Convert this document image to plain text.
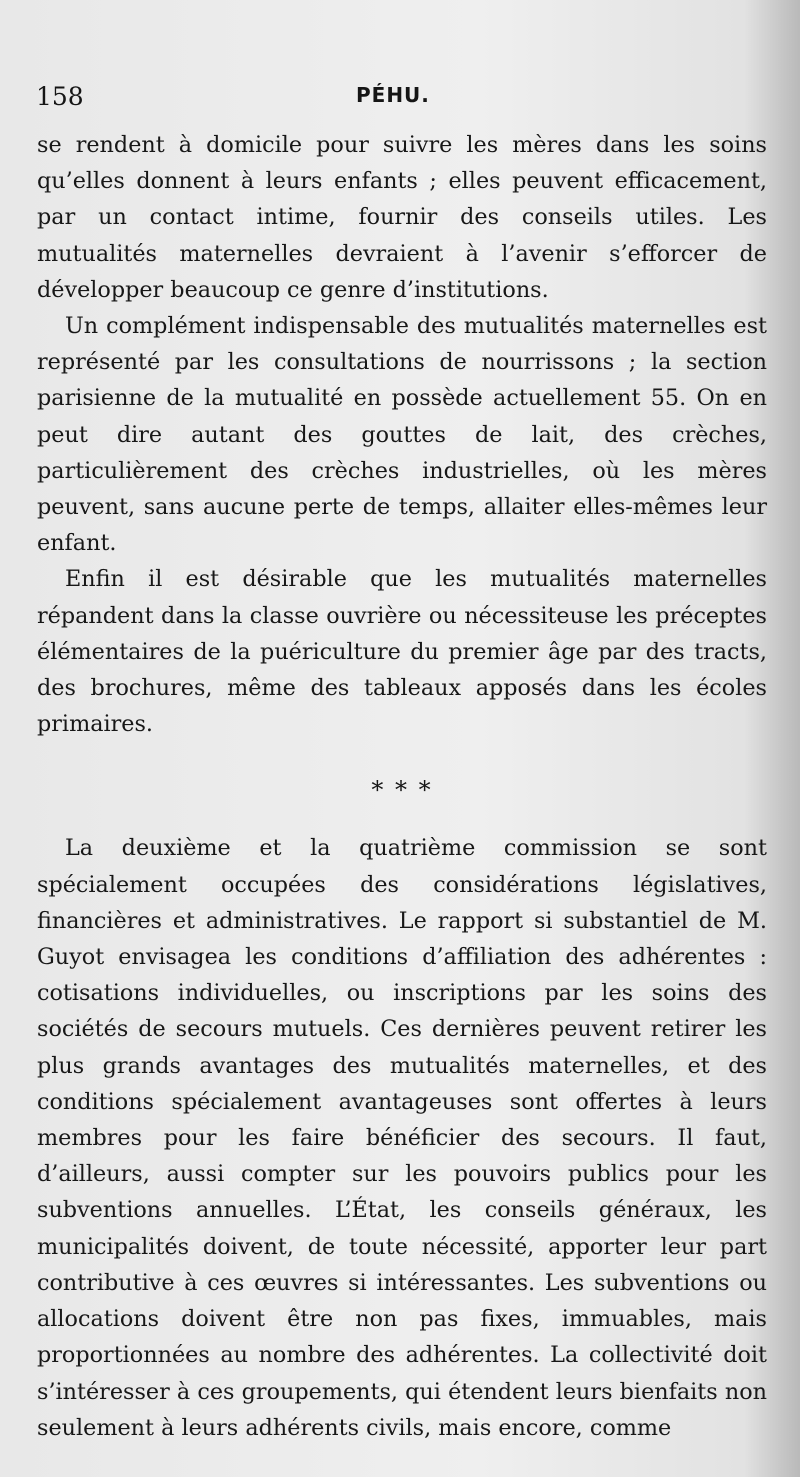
158	PÉHU.

se rendent à domicile pour suivre les mères dans les soins qu’elles donnent à leurs enfants ; elles peuvent efficacement, par un contact intime, fournir des conseils utiles. Les mutualités maternelles devraient à l’avenir s’efforcer de développer beaucoup ce genre d’institutions.

Un complément indispensable des mutualités maternelles est représenté par les consultations de nourrissons ; la section parisienne de la mutualité en possède actuellement 55. On en peut dire autant des gouttes de lait, des crèches, particulièrement des crèches industrielles, où les mères peuvent, sans aucune perte de temps, allaiter elles-mêmes leur enfant.

Enfin il est désirable que les mutualités maternelles répandent dans la classe ouvrière ou nécessiteuse les préceptes élémentaires de la puériculture du premier âge par des tracts, des brochures, même des tableaux apposés dans les écoles primaires.

* * *

La deuxième et la quatrième commission se sont spécialement occupées des considérations législatives, financières et administratives. Le rapport si substantiel de M. Guyot envisagea les conditions d’affiliation des adhérentes : cotisations individuelles, ou inscriptions par les soins des sociétés de secours mutuels. Ces dernières peuvent retirer les plus grands avantages des mutualités maternelles, et des conditions spécialement avantageuses sont offertes à leurs membres pour les faire bénéficier des secours. Il faut, d’ailleurs, aussi compter sur les pouvoirs publics pour les subventions annuelles. L’État, les conseils généraux, les municipalités doivent, de toute nécessité, apporter leur part contributive à ces œuvres si intéressantes. Les subventions ou allocations doivent être non pas fixes, immuables, mais proportionnées au nombre des adhérentes. La collectivité doit s’intéresser à ces groupements, qui étendent leurs bienfaits non seulement à leurs adhérents civils, mais encore, comme
